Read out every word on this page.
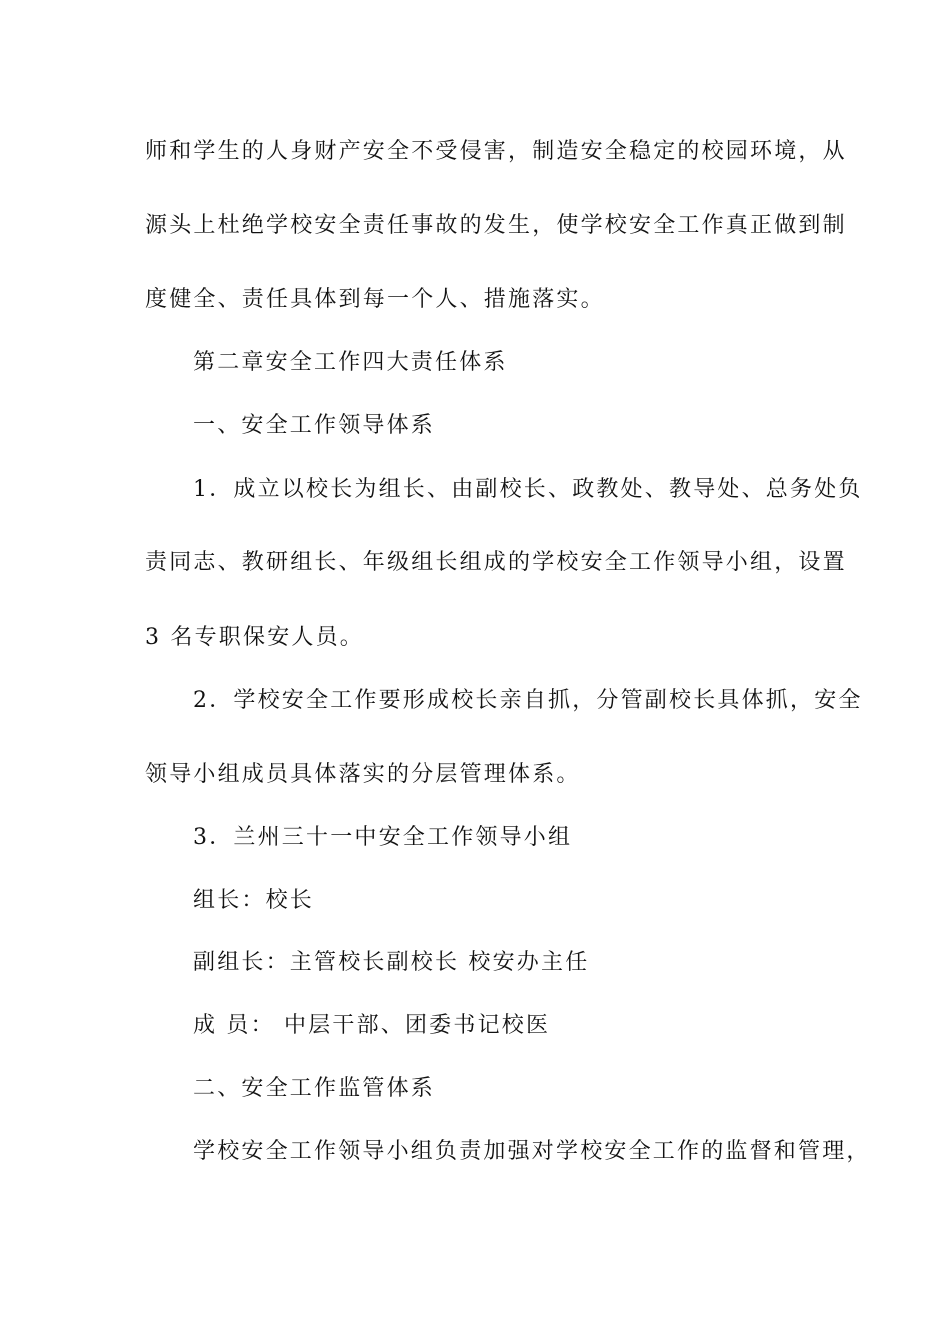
师和学生的人身财产安全不受侵害，制造安全稳定的校园环境，从
源头上杜绝学校安全责任事故的发生，使学校安全工作真正做到制
度健全、责任具体到每一个人、措施落实。
第二章安全工作四大责任体系
一、安全工作领导体系
1．成立以校长为组长、由副校长、政教处、教导处、总务处负
责同志、教研组长、年级组长组成的学校安全工作领导小组，设置
3 名专职保安人员。
2．学校安全工作要形成校长亲自抓，分管副校长具体抓，安全
领导小组成员具体落实的分层管理体系。
3．兰州三十一中安全工作领导小组
组长：校长
副组长：主管校长副校长 校安办主任
成 员： 中层干部、团委书记校医
二、安全工作监管体系
学校安全工作领导小组负责加强对学校安全工作的监督和管理，
